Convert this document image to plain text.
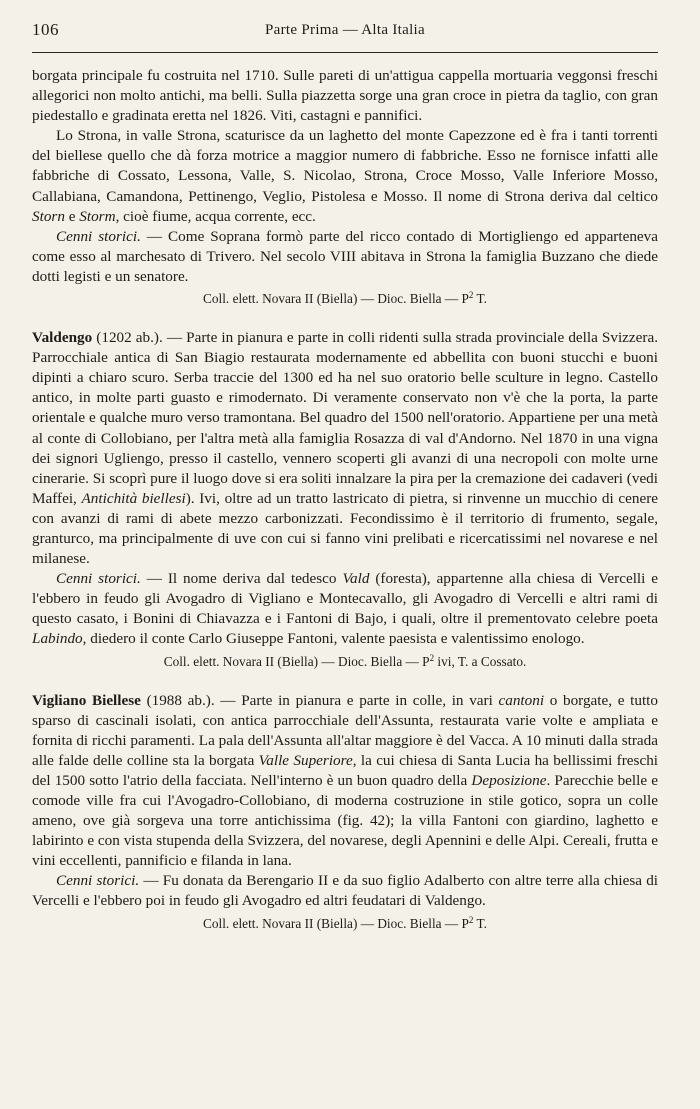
106	Parte Prima — Alta Italia

borgata principale fu costruita nel 1710. Sulle pareti di un'attigua cappella mortuaria veggonsi freschi allegorici non molto antichi, ma belli. Sulla piazzetta sorge una gran croce in pietra da taglio, con gran piedestallo e gradinata eretta nel 1826. Viti, castagni e pannifici.

Lo Strona, in valle Strona, scaturisce da un laghetto del monte Capezzone ed è fra i tanti torrenti del biellese quello che dà forza motrice a maggior numero di fabbriche. Esso ne fornisce infatti alle fabbriche di Cossato, Lessona, Valle, S. Nicolao, Strona, Croce Mosso, Valle Inferiore Mosso, Callabiana, Camandona, Pettinengo, Veglio, Pistolesa e Mosso. Il nome di Strona deriva dal celtico Storn e Storm, cioè fiume, acqua corrente, ecc.

Cenni storici. — Come Soprana formò parte del ricco contado di Mortigliengo ed apparteneva come esso al marchesato di Trivero. Nel secolo VIII abitava in Strona la famiglia Buzzano che diede dotti legisti e un senatore.

Coll. elett. Novara II (Biella) — Dioc. Biella — $P^2$ T.

Valdengo (1202 ab.). — Parte in pianura e parte in colli ridenti sulla strada provinciale della Svizzera. Parrocchiale antica di San Biagio restaurata modernamente ed abbellita con buoni stucchi e buoni dipinti a chiaro scuro. Serba traccie del 1300 ed ha nel suo oratorio belle sculture in legno. Castello antico, in molte parti guasto e rimodernato. Di veramente conservato non v'è che la porta, la parte orientale e qualche muro verso tramontana. Bel quadro del 1500 nell'oratorio. Appartiene per una metà al conte di Collobiano, per l'altra metà alla famiglia Rosazza di val d'Andorno. Nel 1870 in una vigna dei signori Ugliengo, presso il castello, vennero scoperti gli avanzi di una necropoli con molte urne cinerarie. Si scoprì pure il luogo dove si era soliti innalzare la pira per la cremazione dei cadaveri (vedi Maffei, Antichità biellesi). Ivi, oltre ad un tratto lastricato di pietra, si rinvenne un mucchio di cenere con avanzi di rami di abete mezzo carbonizzati. Fecondissimo è il territorio di frumento, segale, granturco, ma principalmente di uve con cui si fanno vini prelibati e ricercatissimi nel novarese e nel milanese.

Cenni storici. — Il nome deriva dal tedesco Vald (foresta), appartenne alla chiesa di Vercelli e l'ebbero in feudo gli Avogadro di Vigliano e Montecavallo, gli Avogadro di Vercelli e altri rami di questo casato, i Bonini di Chiavazza e i Fantoni di Bajo, i quali, oltre il prementovato celebre poeta Labindo, diedero il conte Carlo Giuseppe Fantoni, valente paesista e valentissimo enologo.

Coll. elett. Novara II (Biella) — Dioc. Biella — $P^2$ ivi, T. a Cossato.

Vigliano Biellese (1988 ab.). — Parte in pianura e parte in colle, in vari cantoni o borgate, e tutto sparso di cascinali isolati, con antica parrocchiale dell'Assunta, restaurata varie volte e ampliata e fornita di ricchi paramenti. La pala dell'Assunta all'altar maggiore è del Vacca. A 10 minuti dalla strada alle falde delle colline sta la borgata Valle Superiore, la cui chiesa di Santa Lucia ha bellissimi freschi del 1500 sotto l'atrio della facciata. Nell'interno è un buon quadro della Deposizione. Parecchie belle e comode ville fra cui l'Avogadro-Collobiano, di moderna costruzione in stile gotico, sopra un colle ameno, ove già sorgeva una torre antichissima (fig. 42); la villa Fantoni con giardino, laghetto e labirinto e con vista stupenda della Svizzera, del novarese, degli Apennini e delle Alpi. Cereali, frutta e vini eccellenti, pannificio e filanda in lana.

Cenni storici. — Fu donata da Berengario II e da suo figlio Adalberto con altre terre alla chiesa di Vercelli e l'ebbero poi in feudo gli Avogadro ed altri feudatari di Valdengo.

Coll. elett. Novara II (Biella) — Dioc. Biella — $P^2$ T.
